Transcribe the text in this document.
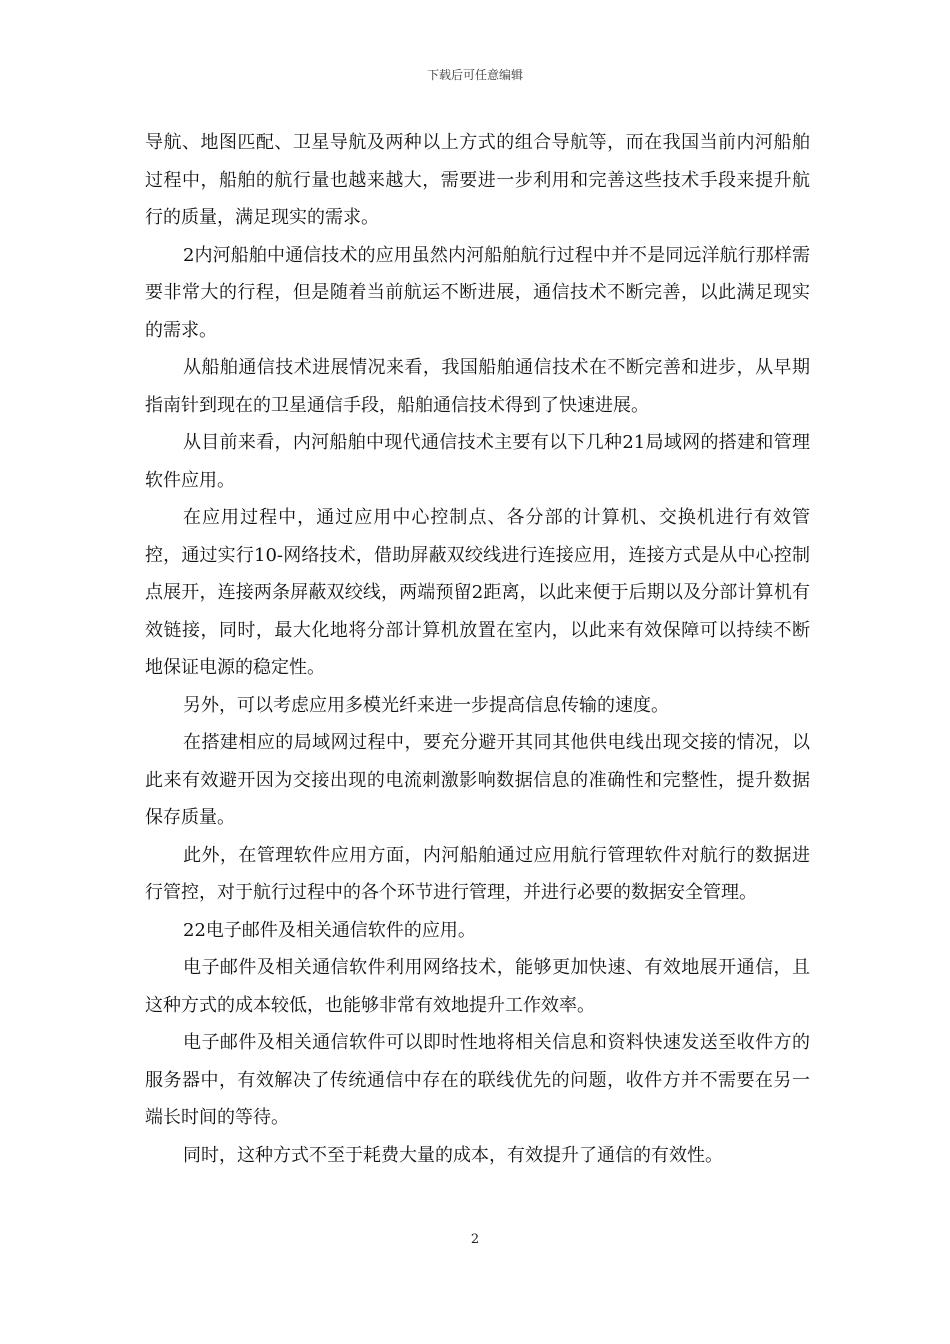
下载后可任意编辑

导航、地图匹配、卫星导航及两种以上方式的组合导航等，而在我国当前内河船舶过程中，船舶的航行量也越来越大，需要进一步利用和完善这些技术手段来提升航行的质量，满足现实的需求。

2内河船舶中通信技术的应用虽然内河船舶航行过程中并不是同远洋航行那样需要非常大的行程，但是随着当前航运不断进展，通信技术不断完善，以此满足现实的需求。

从船舶通信技术进展情况来看，我国船舶通信技术在不断完善和进步，从早期指南针到现在的卫星通信手段，船舶通信技术得到了快速进展。

从目前来看，内河船舶中现代通信技术主要有以下几种21局域网的搭建和管理软件应用。

在应用过程中，通过应用中心控制点、各分部的计算机、交换机进行有效管控，通过实行10-网络技术，借助屏蔽双绞线进行连接应用，连接方式是从中心控制点展开，连接两条屏蔽双绞线，两端预留2距离，以此来便于后期以及分部计算机有效链接，同时，最大化地将分部计算机放置在室内，以此来有效保障可以持续不断地保证电源的稳定性。

另外，可以考虑应用多模光纤来进一步提高信息传输的速度。

在搭建相应的局域网过程中，要充分避开其同其他供电线出现交接的情况，以此来有效避开因为交接出现的电流刺激影响数据信息的准确性和完整性，提升数据保存质量。

此外，在管理软件应用方面，内河船舶通过应用航行管理软件对航行的数据进行管控，对于航行过程中的各个环节进行管理，并进行必要的数据安全管理。

22电子邮件及相关通信软件的应用。

电子邮件及相关通信软件利用网络技术，能够更加快速、有效地展开通信，且这种方式的成本较低，也能够非常有效地提升工作效率。

电子邮件及相关通信软件可以即时性地将相关信息和资料快速发送至收件方的服务器中，有效解决了传统通信中存在的联线优先的问题，收件方并不需要在另一端长时间的等待。

同时，这种方式不至于耗费大量的成本，有效提升了通信的有效性。

2
